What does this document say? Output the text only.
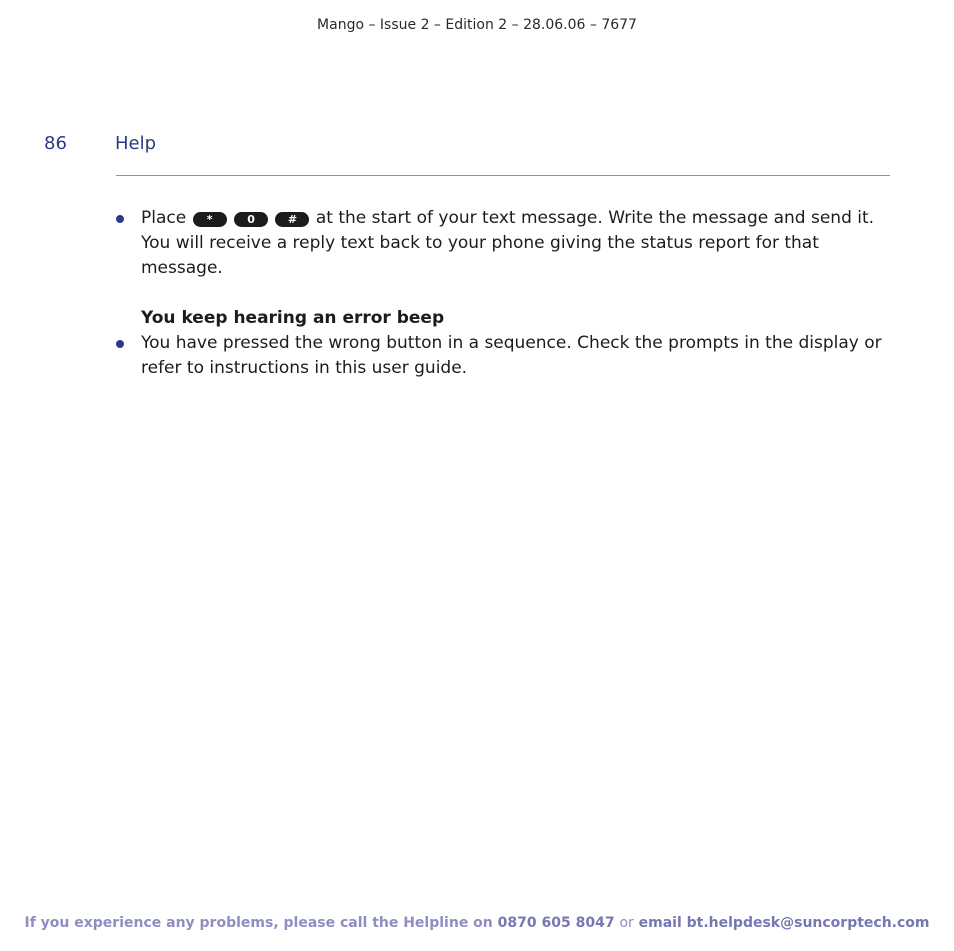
Mango – Issue 2 – Edition 2 – 28.06.06 – 7677
86	Help
Place *	0	# at the start of your text message. Write the message and send it. You will receive a reply text back to your phone giving the status report for that message.
You keep hearing an error beep
You have pressed the wrong button in a sequence. Check the prompts in the display or refer to instructions in this user guide.
If you experience any problems, please call the Helpline on 0870 605 8047 or email bt.helpdesk@suncorptech.com
